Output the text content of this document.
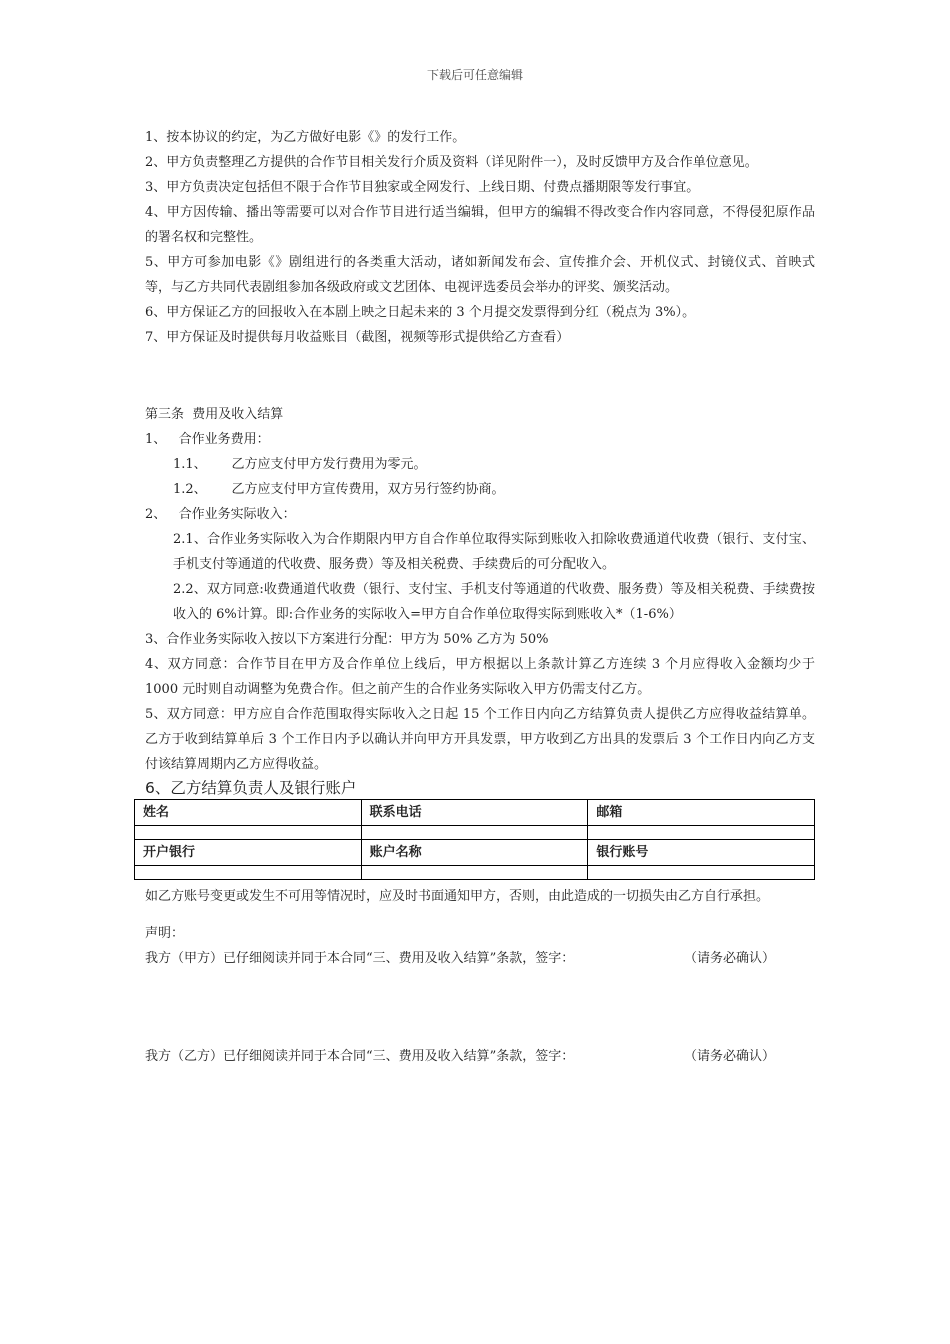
下载后可任意编辑

1、按本协议的约定，为乙方做好电影《》的发行工作。

2、甲方负责整理乙方提供的合作节目相关发行介质及资料（详见附件一），及时反馈甲方及合作单位意见。

3、甲方负责决定包括但不限于合作节目独家或全网发行、上线日期、付费点播期限等发行事宜。

4、甲方因传输、播出等需要可以对合作节目进行适当编辑，但甲方的编辑不得改变合作内容同意，不得侵犯原作品的署名权和完整性。

5、甲方可参加电影《》剧组进行的各类重大活动，诸如新闻发布会、宣传推介会、开机仪式、封镜仪式、首映式等，与乙方共同代表剧组参加各级政府或文艺团体、电视评选委员会举办的评奖、颁奖活动。

6、甲方保证乙方的回报收入在本剧上映之日起未来的 3 个月提交发票得到分红（税点为 3%）。

7、甲方保证及时提供每月收益账目（截图，视频等形式提供给乙方查看）

第三条  费用及收入结算

1、   合作业务费用：

1.1、      乙方应支付甲方发行费用为零元。

1.2、      乙方应支付甲方宣传费用，双方另行签约协商。

2、   合作业务实际收入：

2.1、合作业务实际收入为合作期限内甲方自合作单位取得实际到账收入扣除收费通道代收费（银行、支付宝、手机支付等通道的代收费、服务费）等及相关税费、手续费后的可分配收入。

2.2、双方同意:收费通道代收费（银行、支付宝、手机支付等通道的代收费、服务费）等及相关税费、手续费按收入的 6%计算。即:合作业务的实际收入=甲方自合作单位取得实际到账收入*（1-6%）

3、合作业务实际收入按以下方案进行分配：甲方为 50% 乙方为 50%

4、双方同意：合作节目在甲方及合作单位上线后，甲方根据以上条款计算乙方连续 3 个月应得收入金额均少于 1000 元时则自动调整为免费合作。但之前产生的合作业务实际收入甲方仍需支付乙方。

5、双方同意：甲方应自合作范围取得实际收入之日起 15 个工作日内向乙方结算负责人提供乙方应得收益结算单。乙方于收到结算单后 3 个工作日内予以确认并向甲方开具发票，甲方收到乙方出具的发票后 3 个工作日内向乙方支付该结算周期内乙方应得收益。

6、乙方结算负责人及银行账户

姓名	联系电话	邮箱

开户银行	账户名称	银行账号

如乙方账号变更或发生不可用等情况时，应及时书面通知甲方，否则，由此造成的一切损失由乙方自行承担。

声明：

我方（甲方）已仔细阅读并同于本合同“三、费用及收入结算”条款，签字：	（请务必确认）
我方（乙方）已仔细阅读并同于本合同“三、费用及收入结算”条款，签字：	（请务必确认）
